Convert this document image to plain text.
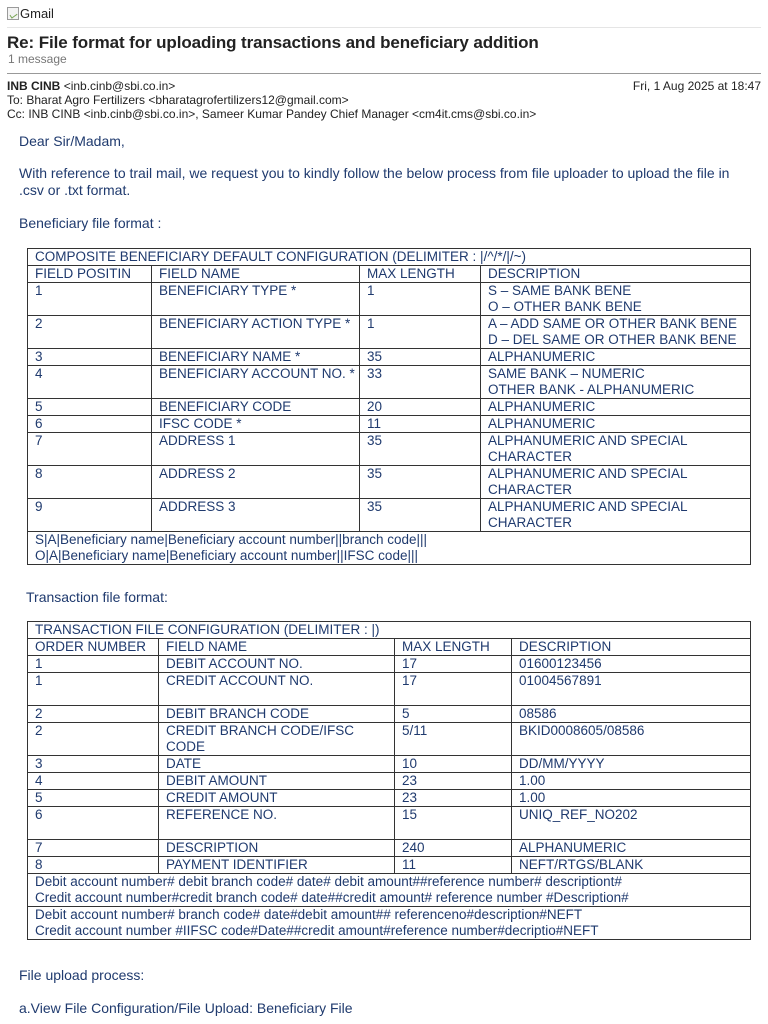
Gmail
Re: File format for uploading transactions and beneficiary addition
1 message
INB CINB <inb.cinb@sbi.co.in>	Fri, 1 Aug 2025 at 18:47
To: Bharat Agro Fertilizers <bharatagrofertilizers12@gmail.com>
Cc: INB CINB <inb.cinb@sbi.co.in>, Sameer Kumar Pandey Chief Manager <cm4it.cms@sbi.co.in>
Dear Sir/Madam,
With reference to trail mail, we request you to kindly follow the below process from file uploader to upload the file in .csv or .txt format.
Beneficiary file format :
COMPOSITE BENEFICIARY DEFAULT CONFIGURATION (DELIMITER : |/^/*/|/~)			
FIELD POSITIN	FIELD NAME	MAX LENGTH	DESCRIPTION
1	BENEFICIARY TYPE *	1	S – SAME BANK BENE
O – OTHER BANK BENE

2	BENEFICIARY ACTION TYPE *	1	A – ADD SAME OR OTHER BANK BENE
D – DEL SAME OR OTHER BANK BENE

3	BENEFICIARY NAME *	35	ALPHANUMERIC
4	BENEFICIARY ACCOUNT NO. *	33	SAME BANK – NUMERIC
OTHER BANK - ALPHANUMERIC

5	BENEFICIARY CODE	20	ALPHANUMERIC
6	IFSC CODE *	11	ALPHANUMERIC
7	ADDRESS 1	35	ALPHANUMERIC AND SPECIAL CHARACTER
8	ADDRESS 2	35	ALPHANUMERIC AND SPECIAL CHARACTER
9	ADDRESS 3	35	ALPHANUMERIC AND SPECIAL CHARACTER

S|A|Beneficiary name|Beneficiary account number||branch code|||
O|A|Beneficiary name|Beneficiary account number||IFSC code|||			
Transaction file format:
TRANSACTION FILE CONFIGURATION (DELIMITER : |)			
ORDER NUMBER	FIELD NAME	MAX LENGTH	DESCRIPTION
1	DEBIT ACCOUNT NO.	17	01600123456
1	CREDIT ACCOUNT NO.	17	01004567891
2	DEBIT BRANCH CODE	5	08586
2	CREDIT BRANCH CODE/IFSC CODE	5/11	BKID0008605/08586
3	DATE	10	DD/MM/YYYY
4	DEBIT AMOUNT	23	1.00
5	CREDIT AMOUNT	23	1.00
6	REFERENCE NO.	15	UNIQ_REF_NO202
7	DESCRIPTION	240	ALPHANUMERIC
8	PAYMENT IDENTIFIER	11	NEFT/RTGS/BLANK

Debit account number# debit branch code# date# debit amount##reference number# descriptiont#
Credit account number#credit branch code# date##credit amount# reference number #Description#			

Debit account number# branch code# date#debit amount## referenceno#description#NEFT
Credit account number #IIFSC code#Date##credit amount#reference number#decriptio#NEFT			
File upload process:
a.View File Configuration/File Upload: Beneficiary File
